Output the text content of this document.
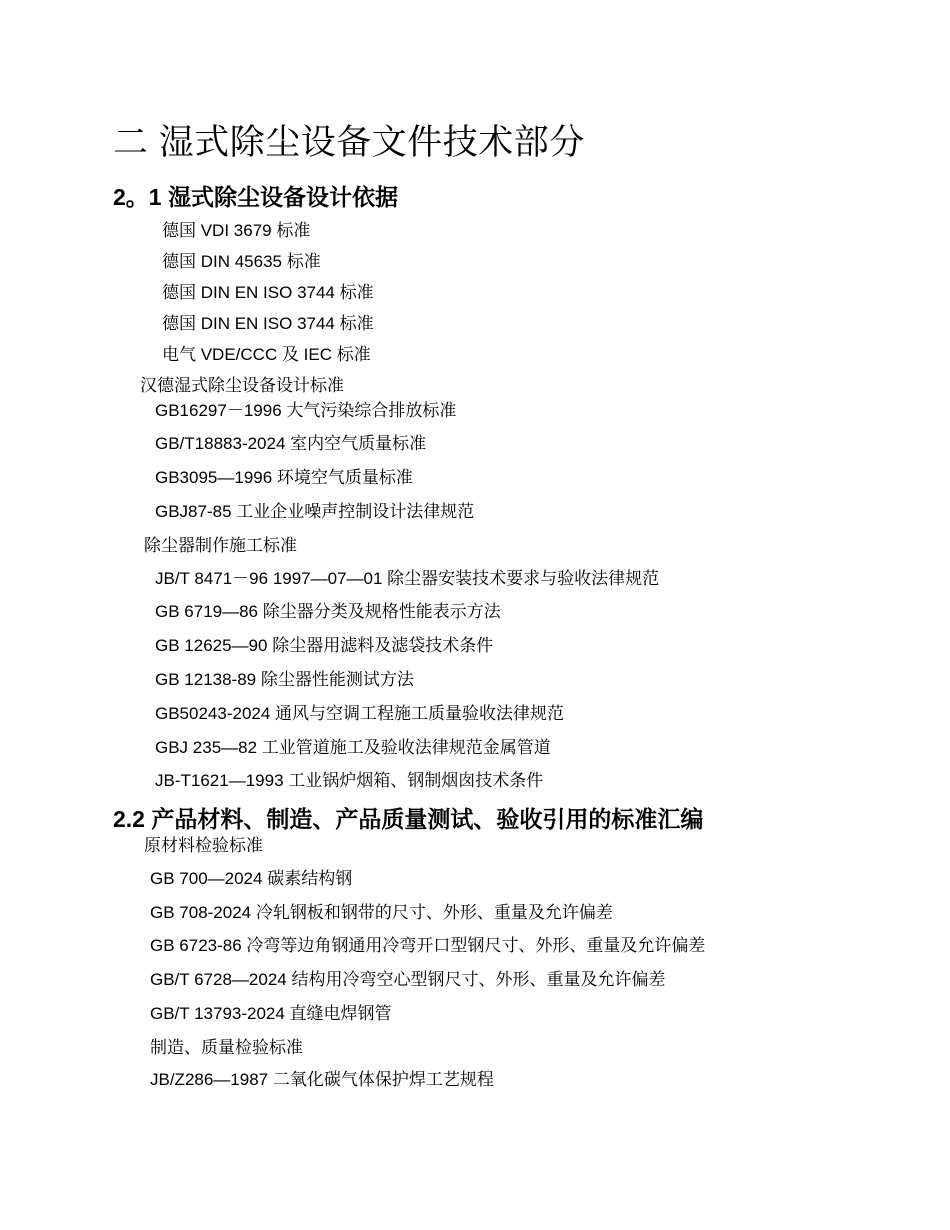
二 湿式除尘设备文件技术部分
2。1 湿式除尘设备设计依据
德国 VDI 3679 标准
德国 DIN 45635 标准
德国 DIN EN ISO 3744 标准
德国 DIN EN ISO 3744 标准
电气 VDE/CCC 及 IEC 标准
汉德湿式除尘设备设计标准
GB16297－1996 大气污染综合排放标准
GB/T18883-2024 室内空气质量标准
GB3095—1996 环境空气质量标准
GBJ87-85 工业企业噪声控制设计法律规范
除尘器制作施工标准
JB/T 8471－96 1997—07—01 除尘器安装技术要求与验收法律规范
GB 6719—86 除尘器分类及规格性能表示方法
GB 12625—90 除尘器用滤料及滤袋技术条件
GB 12138-89 除尘器性能测试方法
GB50243-2024 通风与空调工程施工质量验收法律规范
GBJ 235—82 工业管道施工及验收法律规范金属管道
JB-T1621—1993 工业锅炉烟箱、钢制烟囱技术条件
2.2 产品材料、制造、产品质量测试、验收引用的标准汇编
原材料检验标准
GB 700—2024 碳素结构钢
GB 708-2024 冷轧钢板和钢带的尺寸、外形、重量及允许偏差
GB 6723-86 冷弯等边角钢通用冷弯开口型钢尺寸、外形、重量及允许偏差
GB/T 6728—2024 结构用冷弯空心型钢尺寸、外形、重量及允许偏差
GB/T 13793-2024 直缝电焊钢管
制造、质量检验标准
JB/Z286—1987 二氧化碳气体保护焊工艺规程
